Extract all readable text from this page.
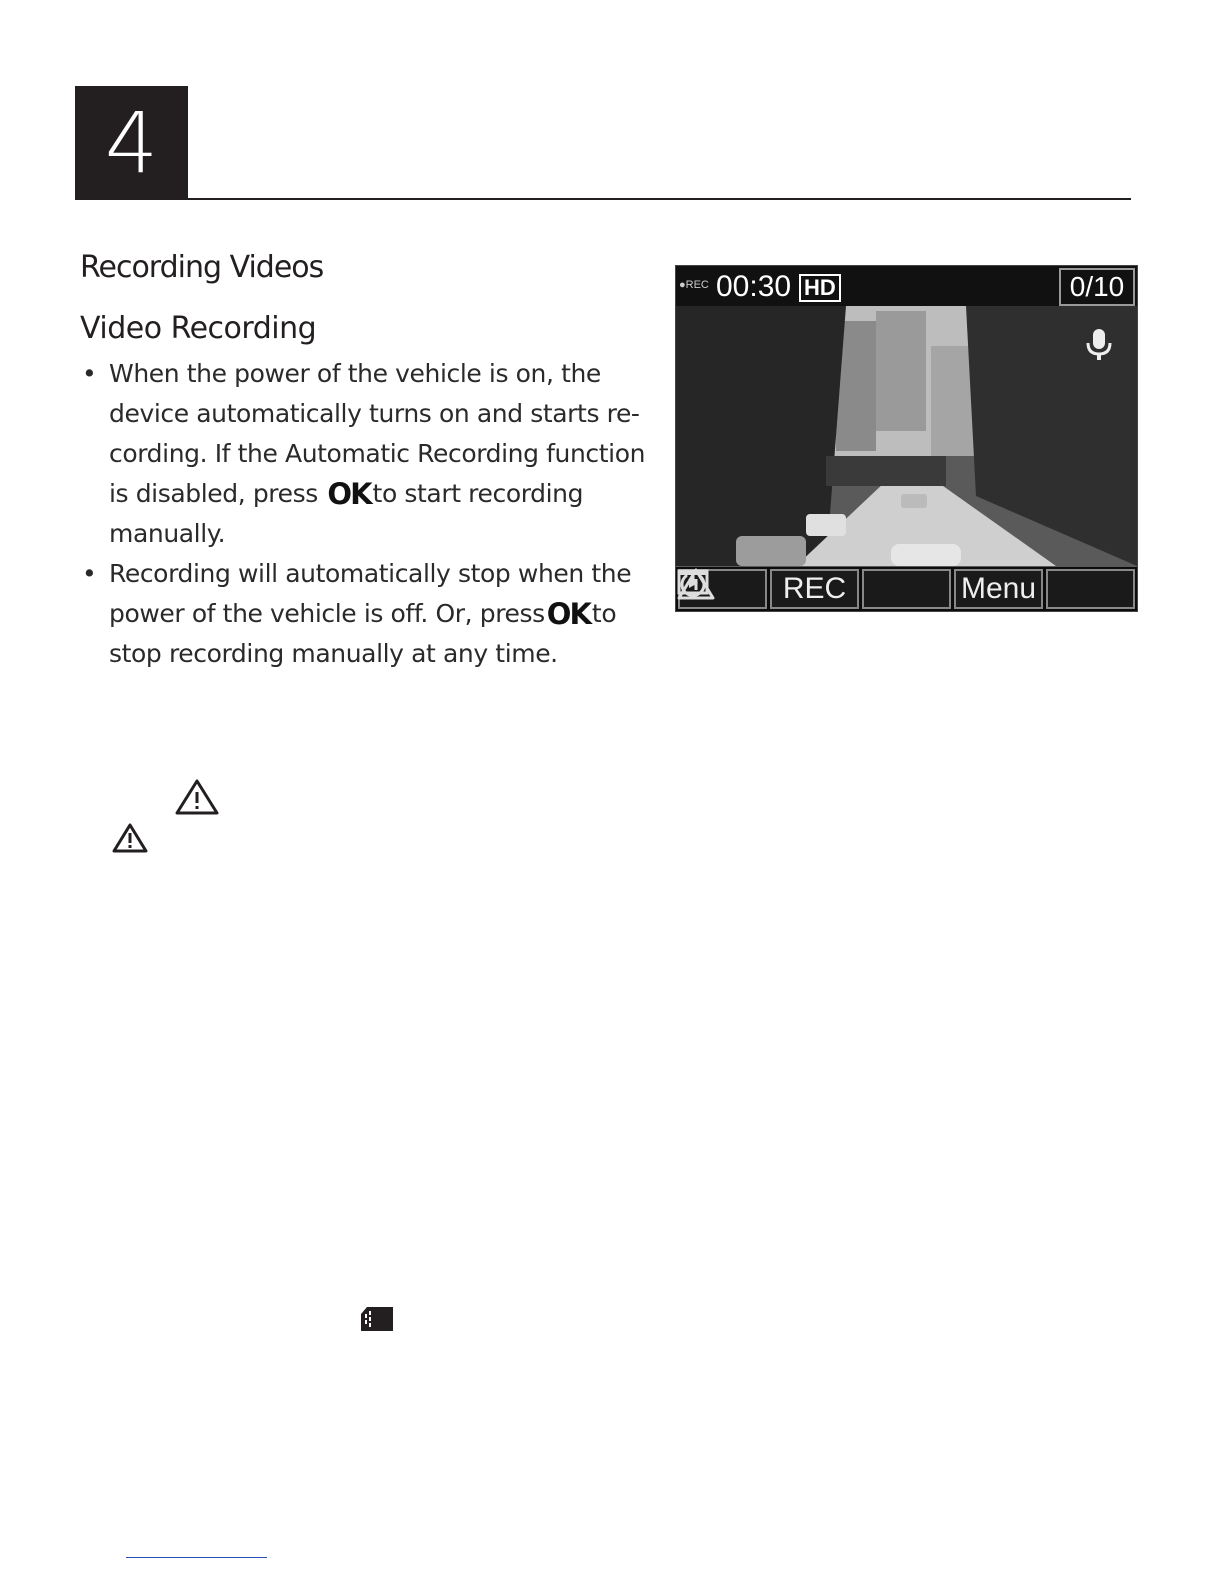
4
Recording Videos
Video Recording
• When the power of the vehicle is on, the device automatically turns on and starts re-cording. If the Automatic Recording function is disabled, press OKto start recording manually.
• Recording will automatically stop when the power of the vehicle is off. Or, pressOKto stop recording manually at any time.
●REC 00:30 HD	0/10
REC	Menu
